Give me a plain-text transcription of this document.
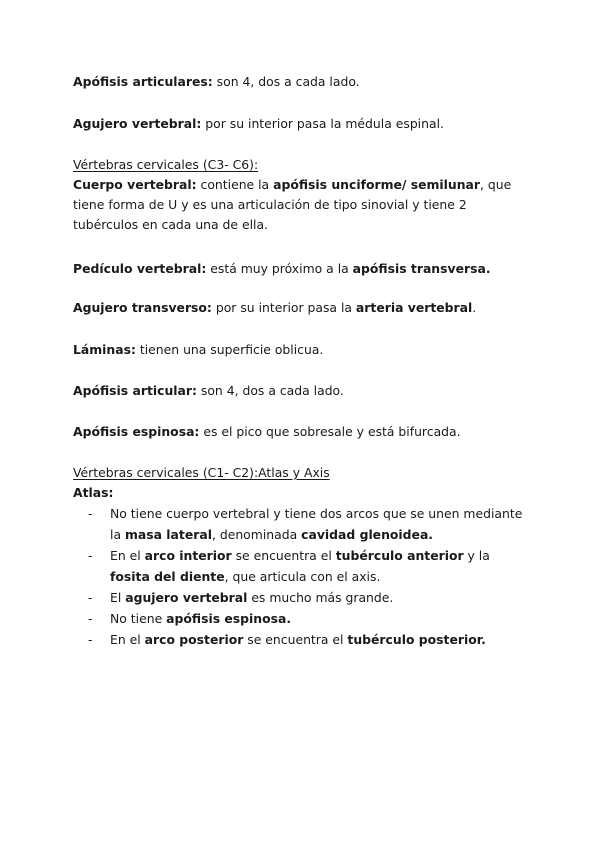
Apófisis articulares: son 4, dos a cada lado.
Agujero vertebral: por su interior pasa la médula espinal.
Vértebras cervicales (C3- C6):
Cuerpo vertebral: contiene la apófisis unciforme/ semilunar, que tiene forma de U y es una articulación de tipo sinovial y tiene 2 tubérculos en cada una de ella.
Pedículo vertebral: está muy próximo a la apófisis transversa.
Agujero transverso: por su interior pasa la arteria vertebral.
Láminas: tienen una superficie oblicua.
Apófisis articular: son 4, dos a cada lado.
Apófisis espinosa: es el pico que sobresale y está bifurcada.
Vértebras cervicales (C1- C2):Atlas y Axis
Atlas:
- No tiene cuerpo vertebral y tiene dos arcos que se unen mediante la masa lateral, denominada cavidad glenoidea.
- En el arco interior se encuentra el tubérculo anterior y la fosita del diente, que articula con el axis.
- El agujero vertebral es mucho más grande.
- No tiene apófisis espinosa.
- En el arco posterior se encuentra el tubérculo posterior.
